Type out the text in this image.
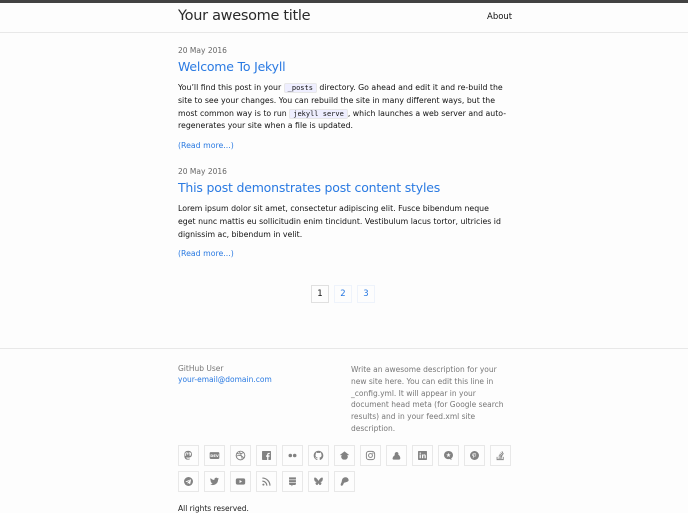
Your awesome title	About
20 May 2016
Welcome To Jekyll

You’ll find this post in your _posts directory. Go ahead and edit it and re-build the site to see your changes. You can rebuild the site in many different ways, but the most common way is to run jekyll serve , which launches a web server and auto-regenerates your site when a file is updated.

(Read more...)
20 May 2016
This post demonstrates post content styles

Lorem ipsum dolor sit amet, consectetur adipiscing elit. Fusce bibendum neque eget nunc mattis eu sollicitudin enim tincidunt. Vestibulum lacus tortor, ultricies id dignissim ac, bibendum in velit.

(Read more...)
1	2	3
GitHub User
your-email@domain.com

Write an awesome description for your new site here. You can edit this line in _config.yml. It will appear in your document head meta (for Google search results) and in your feed.xml site description.

DEV
All rights reserved.
